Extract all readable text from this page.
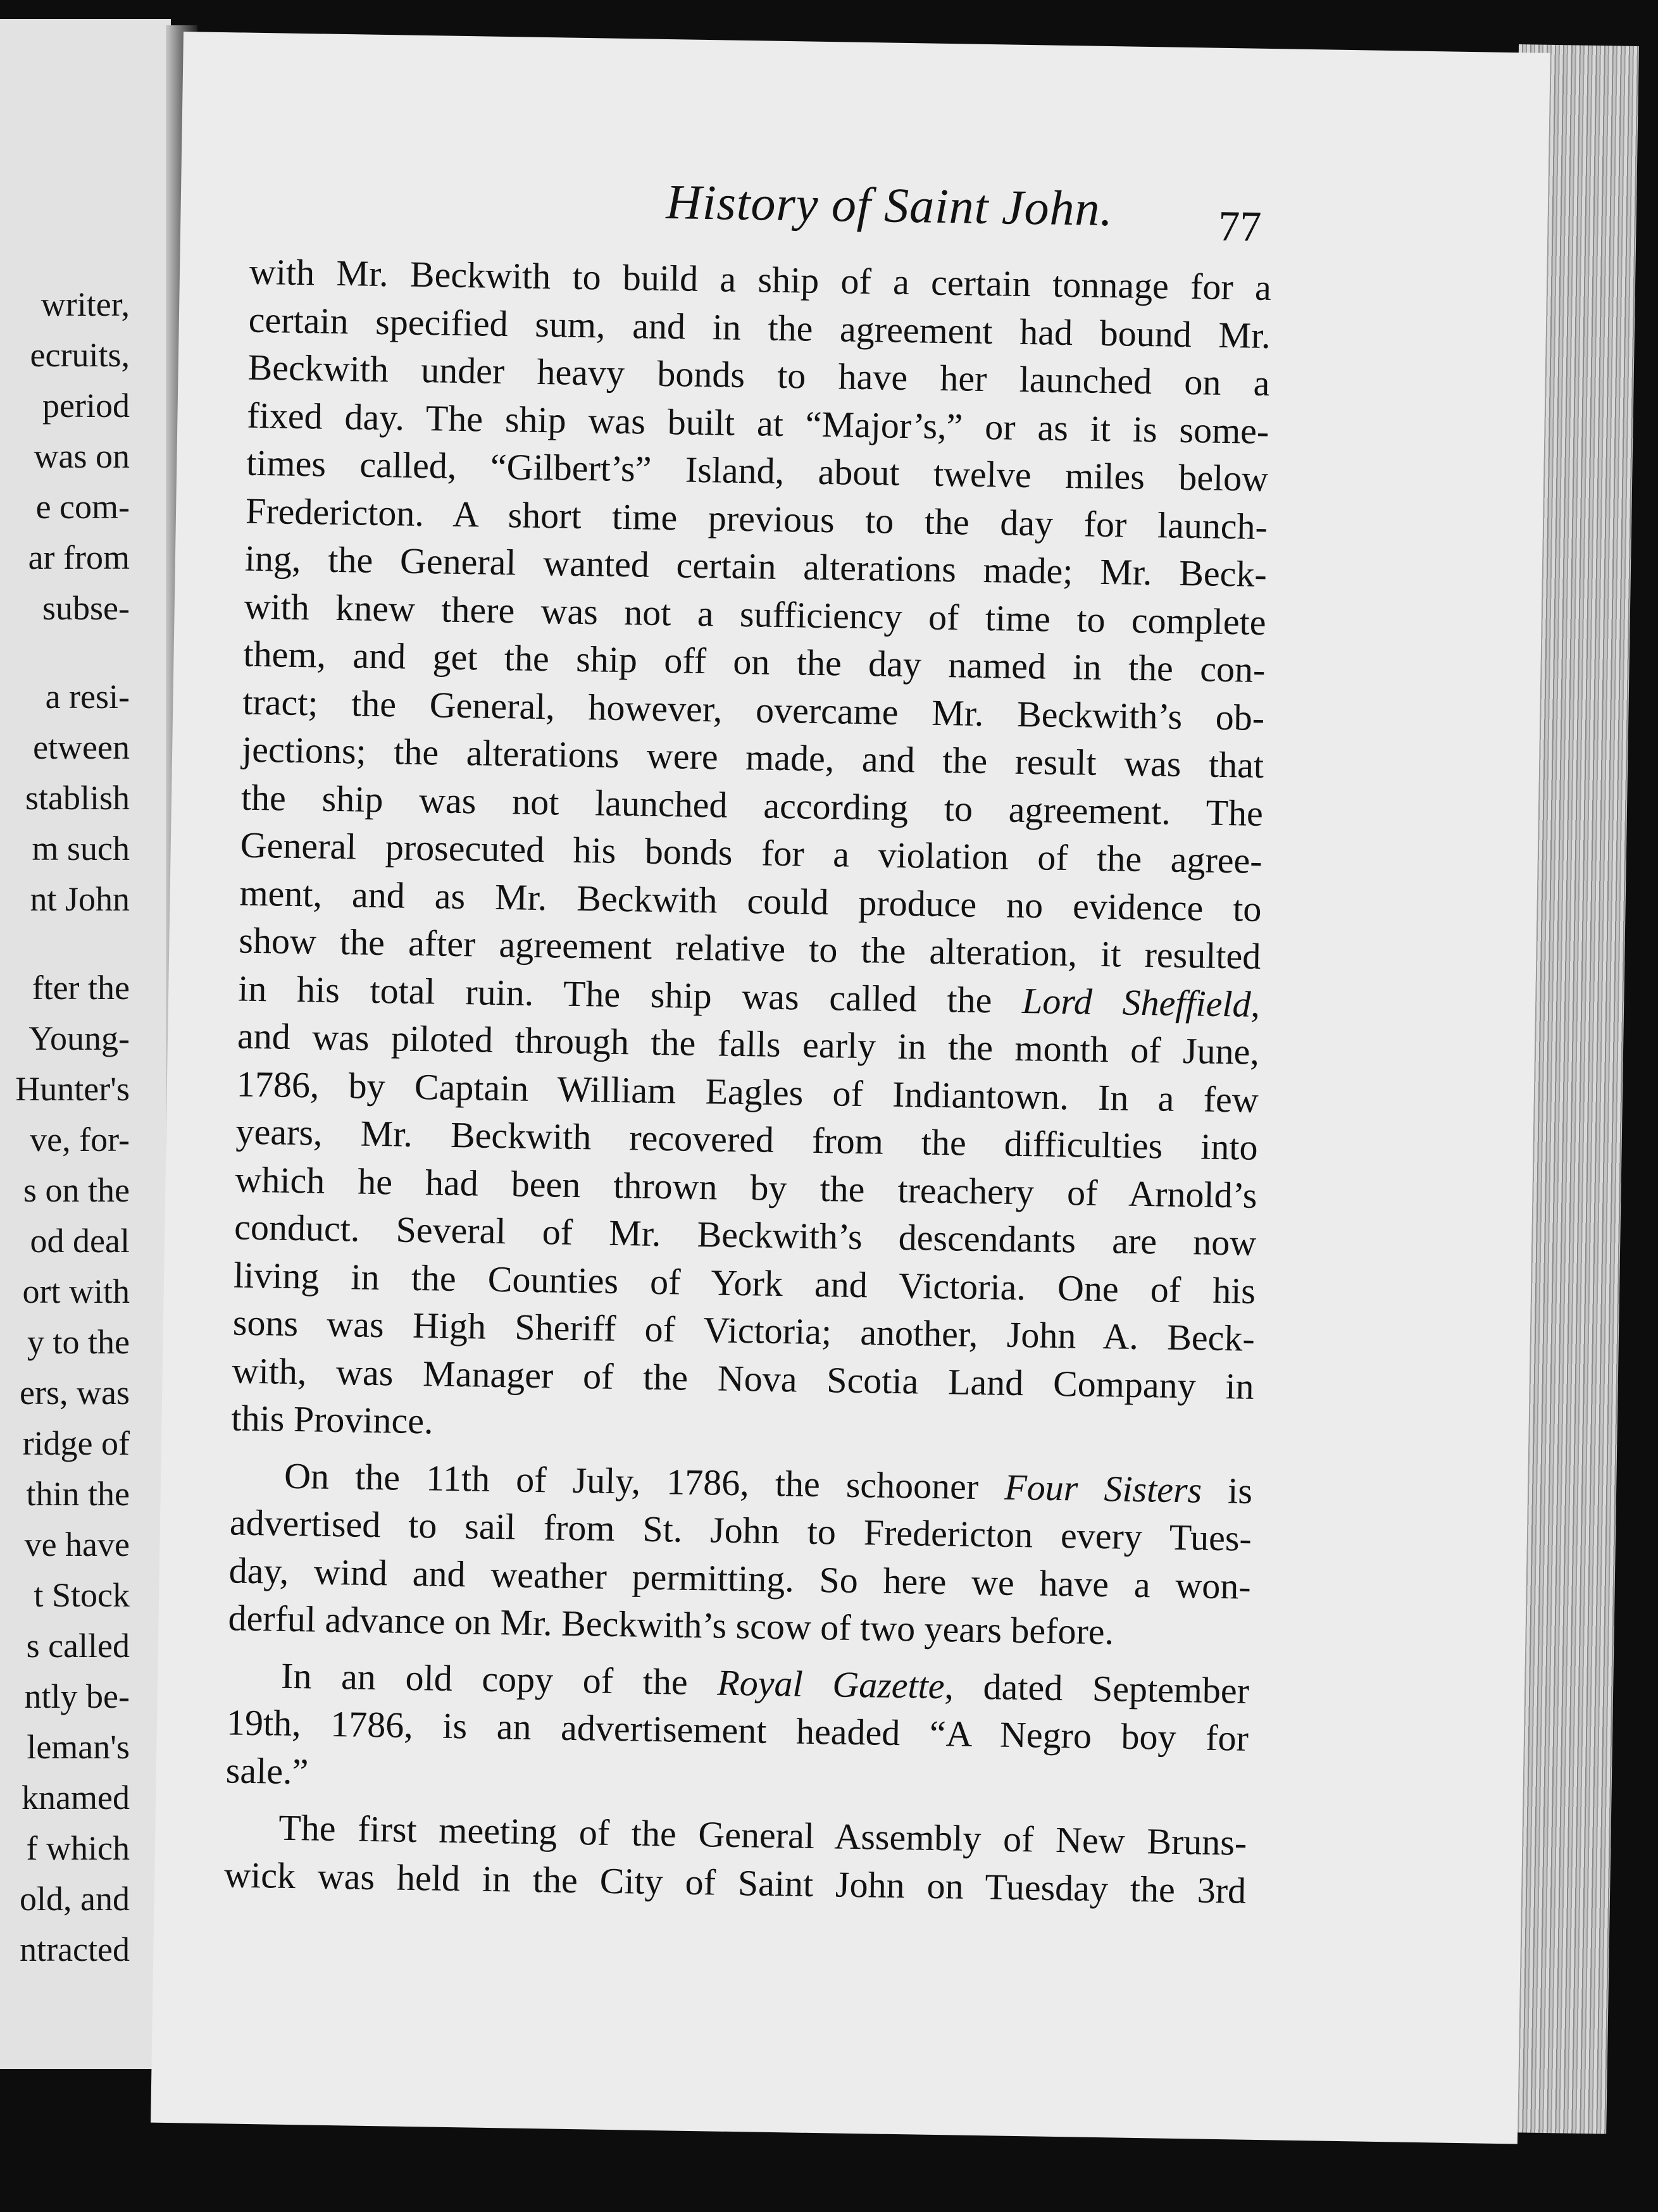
writer,
ecruits,
period
was on
e com-
ar from
subse-
a resi-
etween
stablish
m such
nt John
fter the
Young-
Hunter's
ve, for-
s on the
od deal
ort with
y to the
ers, was
ridge of
thin the
ve have
t Stock
s called
ntly be-
leman's
knamed
f which
old, and
ntracted
History of Saint John.	77
with Mr. Beckwith to build a ship of a certain tonnage for a
certain specified sum, and in the agreement had bound Mr.
Beckwith under heavy bonds to have her launched on a
fixed day. The ship was built at “Major’s,” or as it is some-
times called, “Gilbert’s” Island, about twelve miles below
Fredericton. A short time previous to the day for launch-
ing, the General wanted certain alterations made; Mr. Beck-
with knew there was not a sufficiency of time to complete
them, and get the ship off on the day named in the con-
tract; the General, however, overcame Mr. Beckwith’s ob-
jections; the alterations were made, and the result was that
the ship was not launched according to agreement. The
General prosecuted his bonds for a violation of the agree-
ment, and as Mr. Beckwith could produce no evidence to
show the after agreement relative to the alteration, it resulted
in his total ruin. The ship was called the Lord Sheffield,
and was piloted through the falls early in the month of June,
1786, by Captain William Eagles of Indiantown. In a few
years, Mr. Beckwith recovered from the difficulties into
which he had been thrown by the treachery of Arnold’s
conduct. Several of Mr. Beckwith’s descendants are now
living in the Counties of York and Victoria. One of his
sons was High Sheriff of Victoria; another, John A. Beck-
with, was Manager of the Nova Scotia Land Company in
this Province.
On the 11th of July, 1786, the schooner Four Sisters is
advertised to sail from St. John to Fredericton every Tues-
day, wind and weather permitting. So here we have a won-
derful advance on Mr. Beckwith’s scow of two years before.
In an old copy of the Royal Gazette, dated September
19th, 1786, is an advertisement headed “A Negro boy for
sale.”
The first meeting of the General Assembly of New Bruns-
wick was held in the City of Saint John on Tuesday the 3rd
